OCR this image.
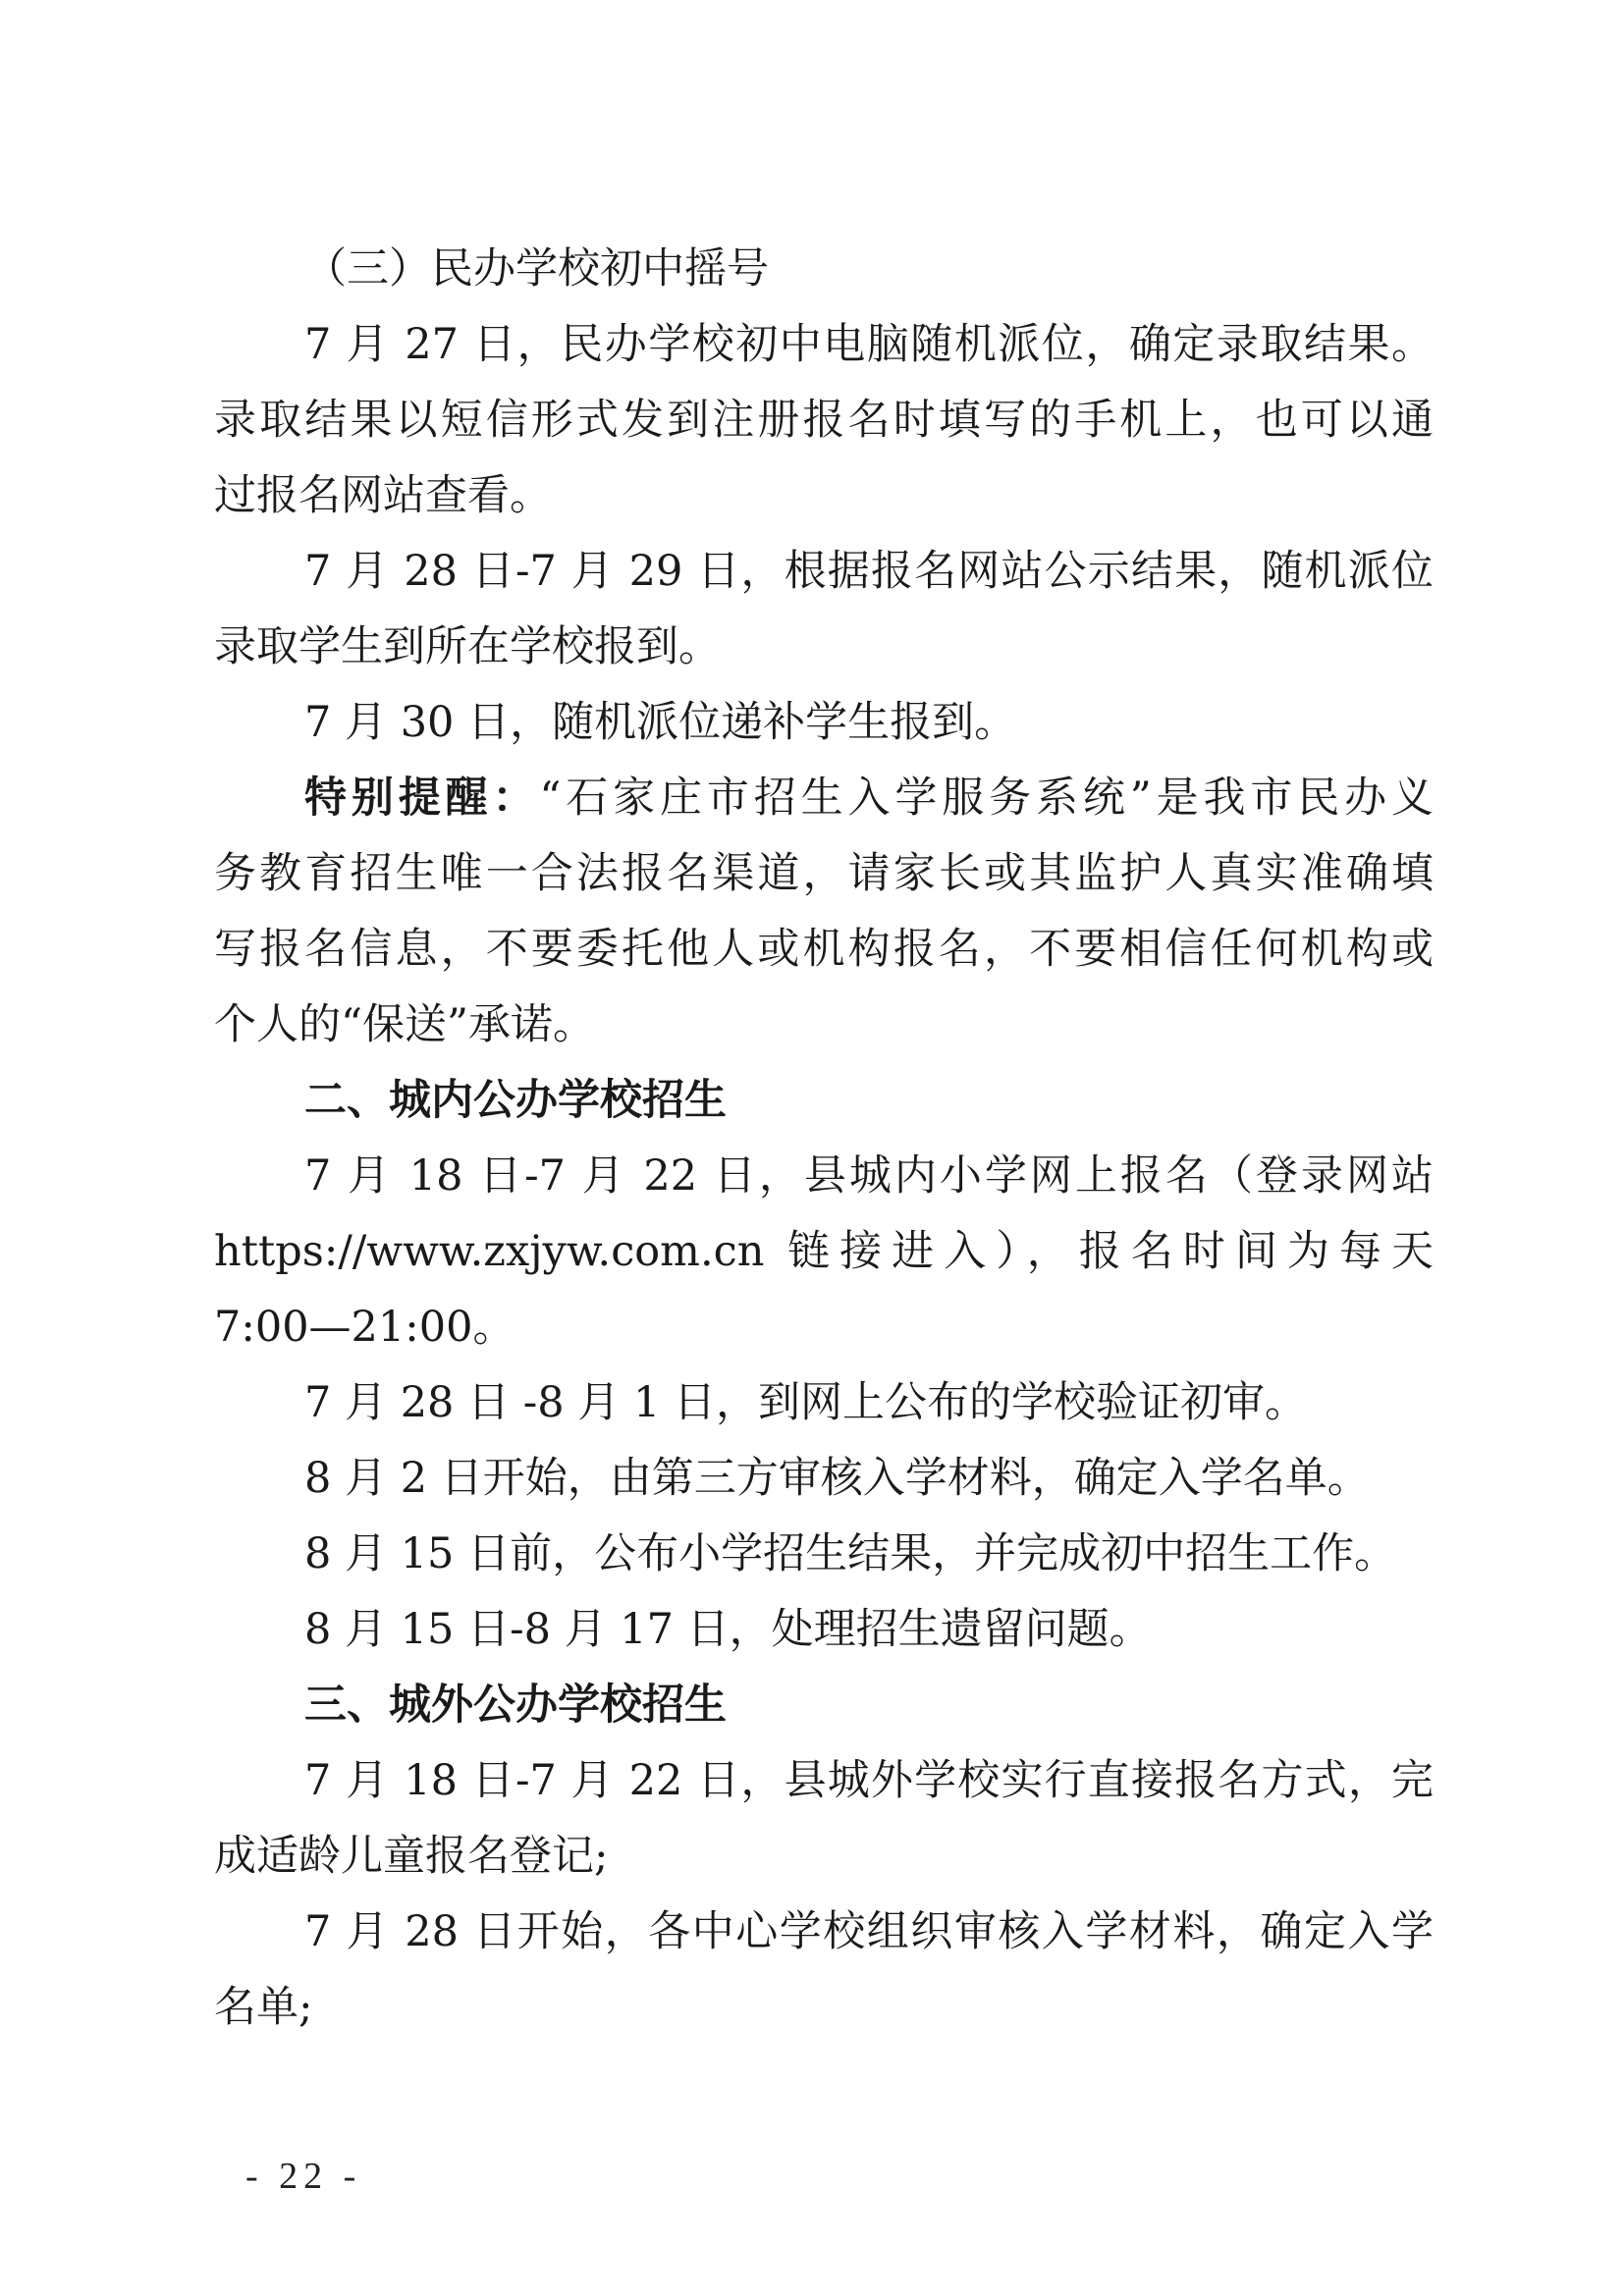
（三）民办学校初中摇号
7 月 27 日，民办学校初中电脑随机派位，确定录取结果。
录取结果以短信形式发到注册报名时填写的手机上，也可以通
过报名网站查看。
7 月 28 日-7 月 29 日，根据报名网站公示结果，随机派位
录取学生到所在学校报到。
7 月 30 日，随机派位递补学生报到。
特别提醒：“石家庄市招生入学服务系统”是我市民办义
务教育招生唯一合法报名渠道，请家长或其监护人真实准确填
写报名信息，不要委托他人或机构报名，不要相信任何机构或
个人的“保送”承诺。
二、城内公办学校招生
7 月 18 日-7 月 22 日，县城内小学网上报名（登录网站
https://www.zxjyw.com.cn 链接进入），报名时间为每天
7:00—21:00。
7 月 28 日 -8 月 1 日，到网上公布的学校验证初审。
8 月 2 日开始，由第三方审核入学材料，确定入学名单。
8 月 15 日前，公布小学招生结果，并完成初中招生工作。
8 月 15 日-8 月 17 日，处理招生遗留问题。
三、城外公办学校招生
7 月 18 日-7 月 22 日，县城外学校实行直接报名方式，完
成适龄儿童报名登记;
7 月 28 日开始，各中心学校组织审核入学材料，确定入学
名单;
- 22 -
